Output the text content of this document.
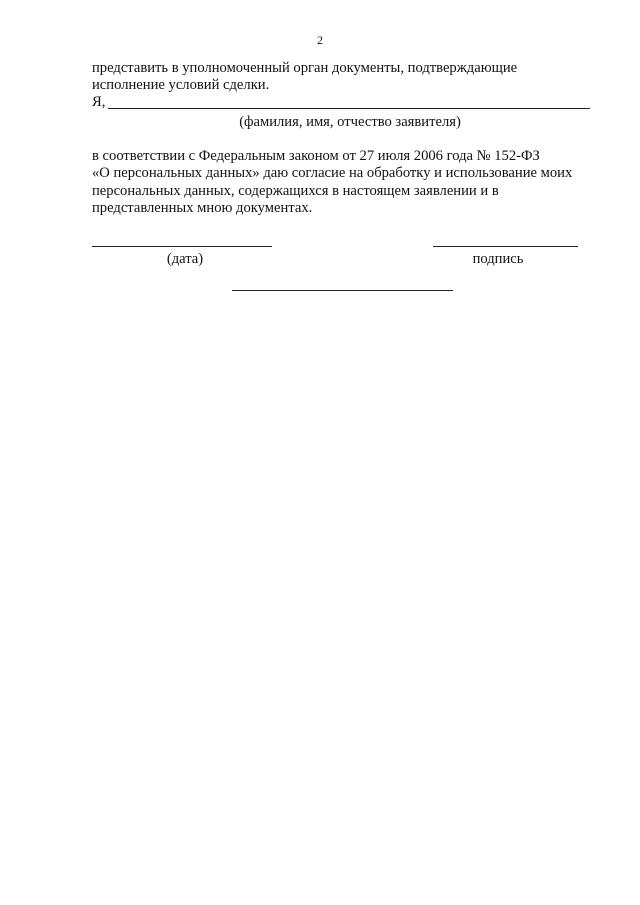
2
представить в уполномоченный орган документы, подтверждающие
исполнение условий сделки.
Я,
(фамилия, имя, отчество заявителя)
в соответствии с Федеральным законом от 27 июля 2006 года № 152-ФЗ
«О персональных данных» даю согласие на обработку и использование моих
персональных данных, содержащихся в настоящем заявлении и в
представленных мною документах.
(дата)	подпись
